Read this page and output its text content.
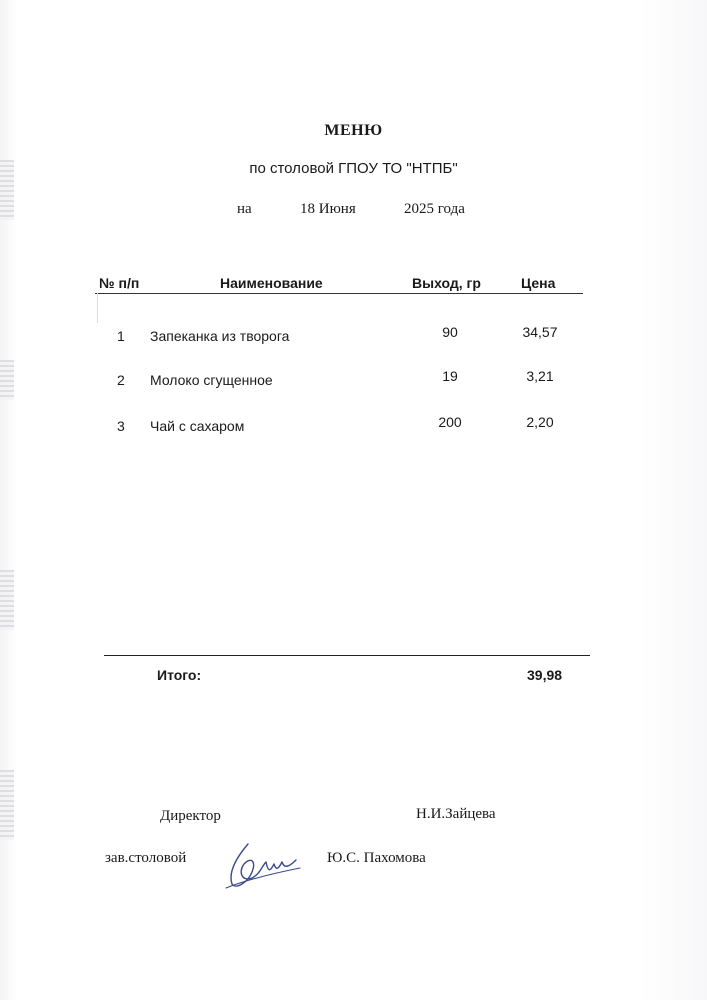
МЕНЮ
по столовой ГПОУ ТО "НТПБ"
на	18 Июня	2025 года
№ п/п	Наименование	Выход, гр	Цена
1 Запеканка из творога	90	34,57
2 Молоко сгущенное	19	3,21
3 Чай с сахаром	200	2,20
Итого:	39,98
Директор	Н.И.Зайцева
зав.столовой	Ю.С. Пахомова
